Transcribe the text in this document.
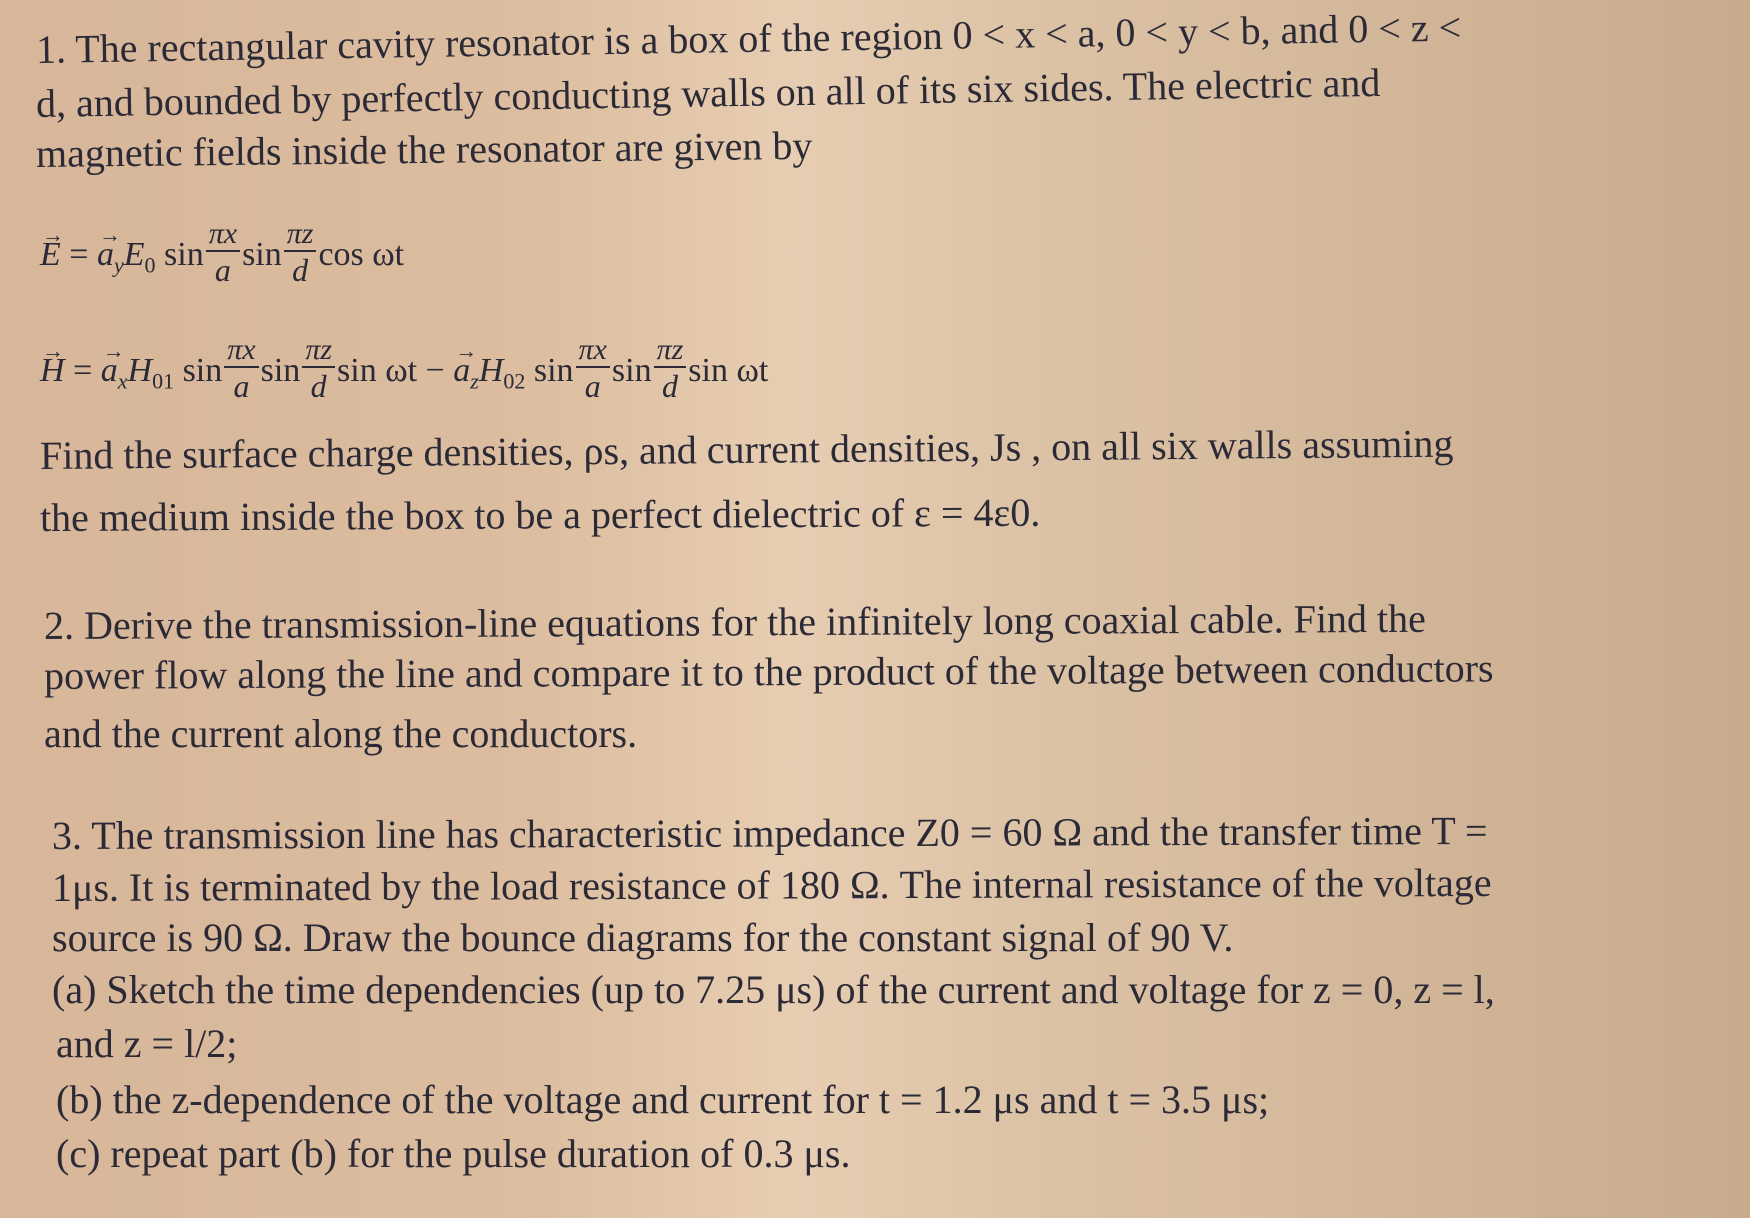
1. The rectangular cavity resonator is a box of the region 0 < x < a, 0 < y < b, and 0 < z <
d, and bounded by perfectly conducting walls on all of its six sides. The electric and
magnetic fields inside the resonator are given by
→ E = → $a_yE_0$ $\sin \frac{\pi x}{a}$ $\sin \frac{\pi z}{d}$ cos ωt
→ H = → $a_xH_{01}$ $\sin \frac{\pi x}{a}$ $\sin \frac{\pi z}{d}$ sin ωt − → $a_zH_{02}$ $\sin \frac{\pi x}{a}$ $\sin \frac{\pi z}{d}$ sin ωt
Find the surface charge densities, ρs, and current densities, Js , on all six walls assuming
the medium inside the box to be a perfect dielectric of ε = 4ε0.
2. Derive the transmission-line equations for the infinitely long coaxial cable. Find the
power flow along the line and compare it to the product of the voltage between conductors
and the current along the conductors.
3. The transmission line has characteristic impedance Z0 = 60 Ω and the transfer time T =
1μs. It is terminated by the load resistance of 180 Ω. The internal resistance of the voltage
source is 90 Ω. Draw the bounce diagrams for the constant signal of 90 V.
(a) Sketch the time dependencies (up to 7.25 μs) of the current and voltage for z = 0, z = l,
and z = l/2;
(b) the z-dependence of the voltage and current for t = 1.2 μs and t = 3.5 μs;
(c) repeat part (b) for the pulse duration of 0.3 μs.
